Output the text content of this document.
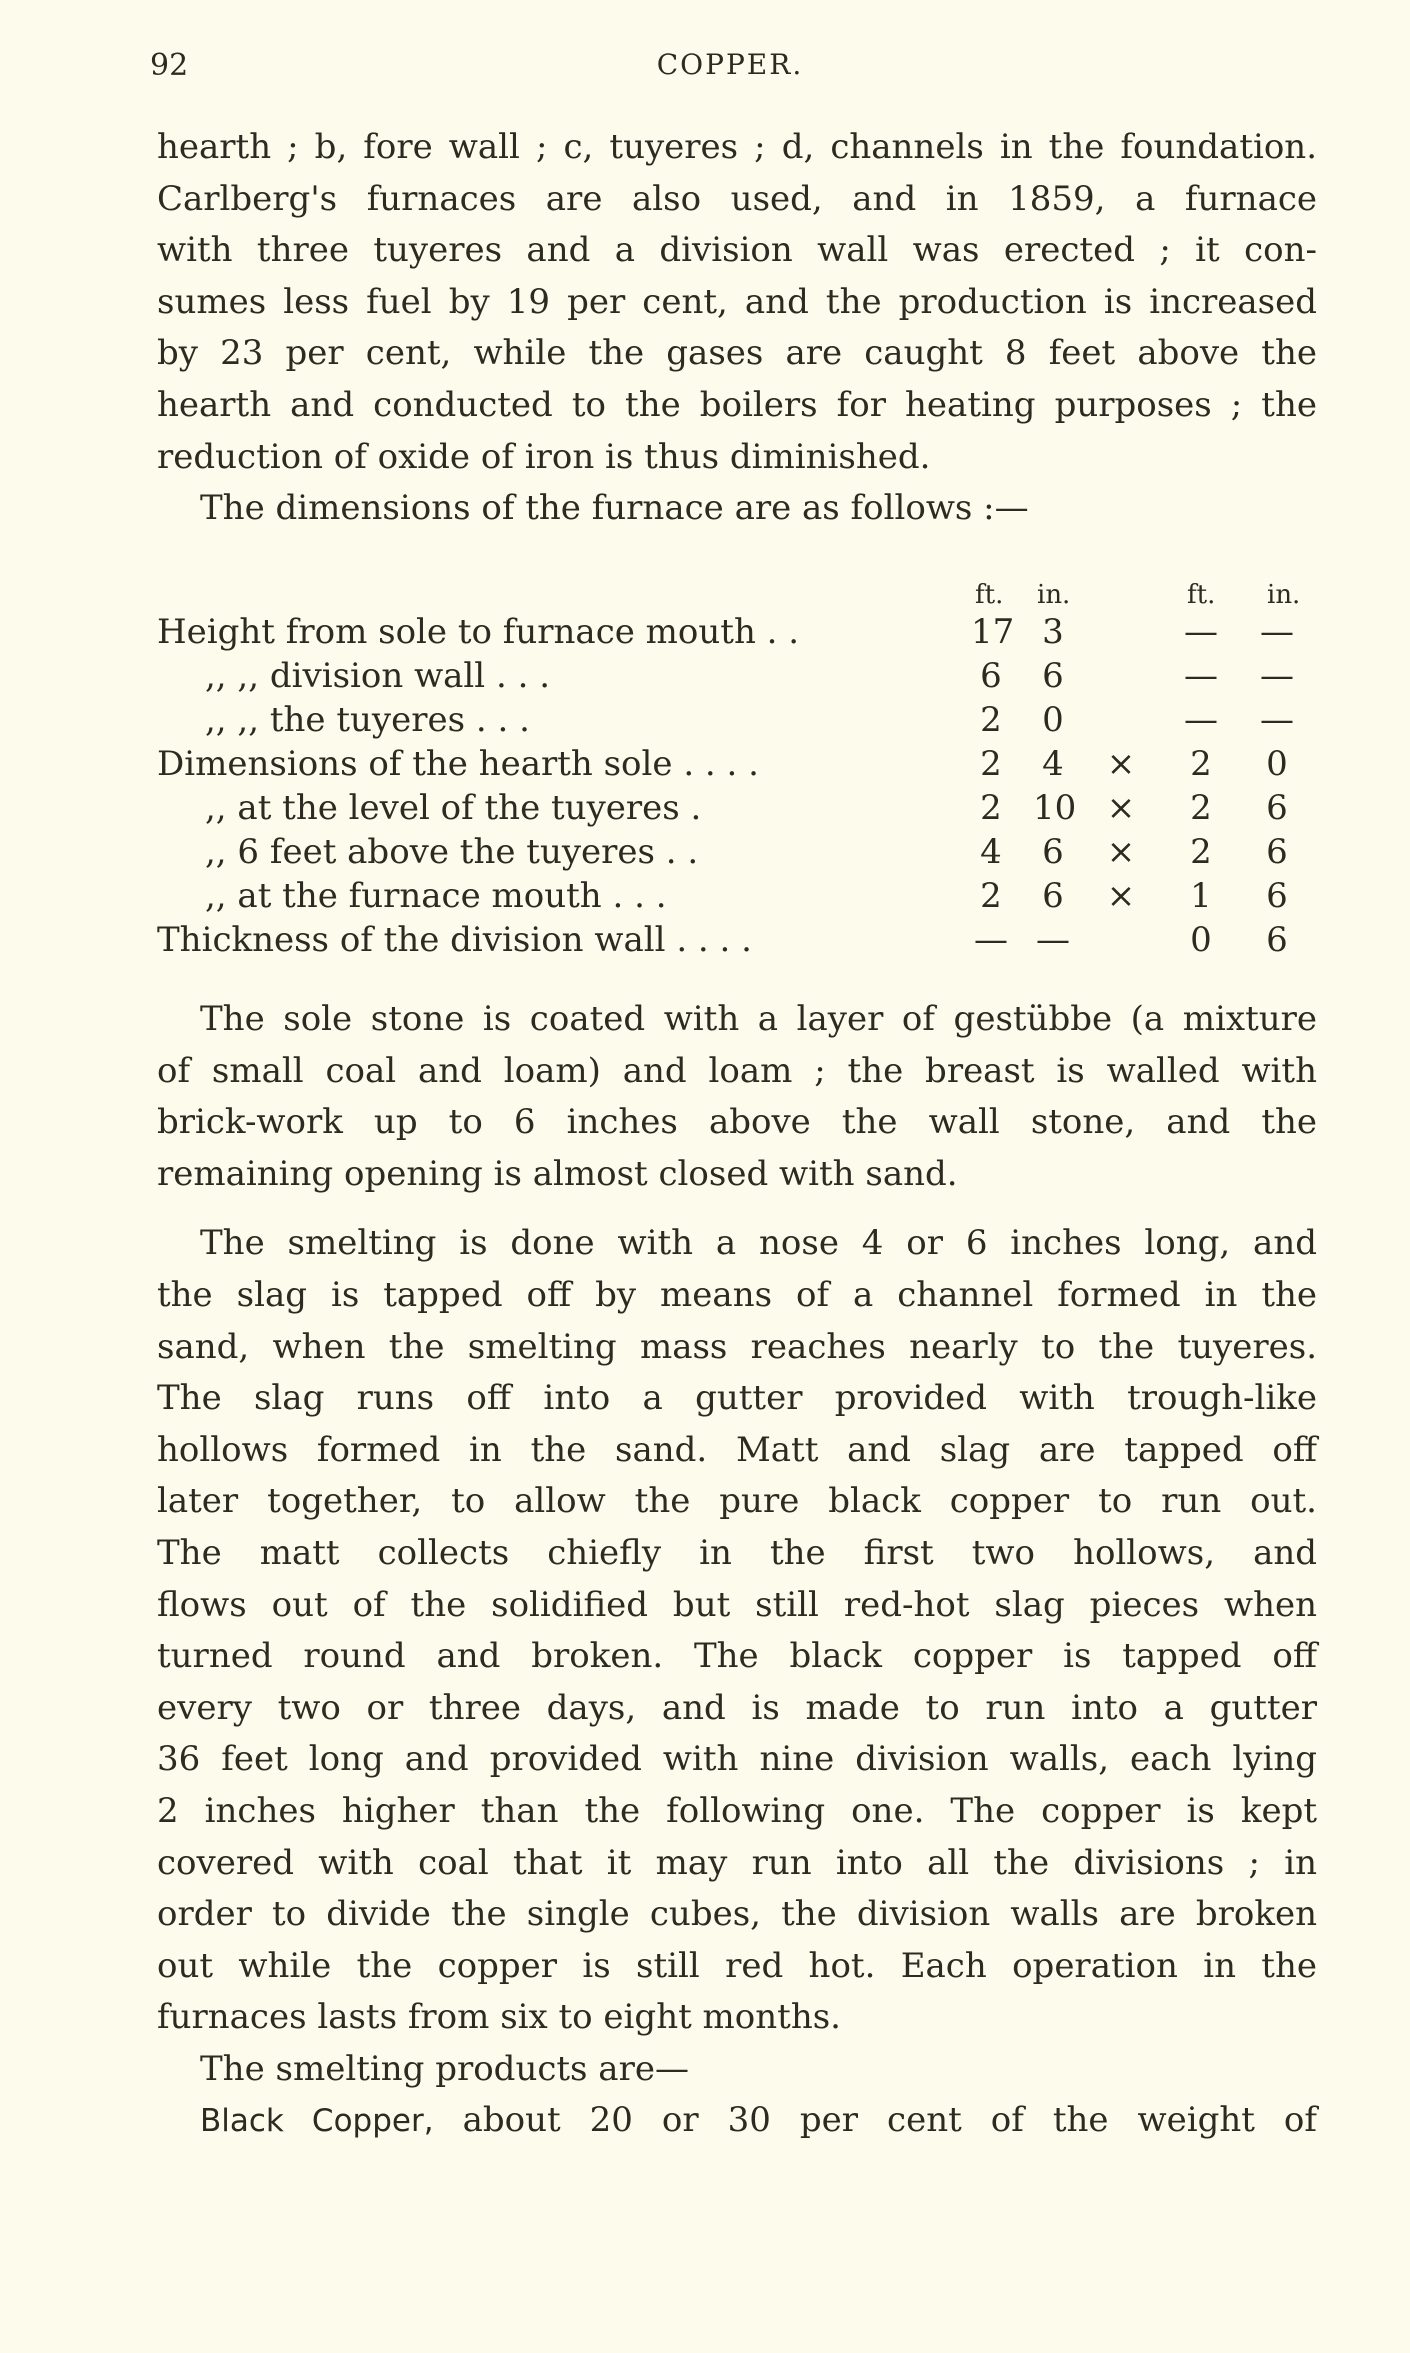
92	COPPER.
hearth ; b, fore wall ; c, tuyeres ; d, channels in the foundation.
Carlberg's furnaces are also used, and in 1859, a furnace
with three tuyeres and a division wall was erected ; it con-
sumes less fuel by 19 per cent, and the production is increased
by 23 per cent, while the gases are caught 8 feet above the
hearth and conducted to the boilers for heating purposes ; the
reduction of oxide of iron is thus diminished.
The dimensions of the furnace are as follows :—
ft. in.	ft. in.
Height from sole to furnace mouth . .	17 3	— —
,, ,, division wall . . .	6 6	— —
,, ,, the tuyeres . . .	2 0	— —
Dimensions of the hearth sole . . . .	2 4 × 2 0
,, at the level of the tuyeres .	2 10 × 2 6
,, 6 feet above the tuyeres . .	4 6 × 2 6
,, at the furnace mouth . . .	2 6 × 1 6
Thickness of the division wall . . . .	— —	0 6
The sole stone is coated with a layer of gestübbe (a mixture
of small coal and loam) and loam ; the breast is walled with
brick-work up to 6 inches above the wall stone, and the
remaining opening is almost closed with sand.
The smelting is done with a nose 4 or 6 inches long, and
the slag is tapped off by means of a channel formed in the
sand, when the smelting mass reaches nearly to the tuyeres.
The slag runs off into a gutter provided with trough-like
hollows formed in the sand. Matt and slag are tapped off
later together, to allow the pure black copper to run out.
The matt collects chiefly in the first two hollows, and
flows out of the solidified but still red-hot slag pieces when
turned round and broken. The black copper is tapped off
every two or three days, and is made to run into a gutter
36 feet long and provided with nine division walls, each lying
2 inches higher than the following one. The copper is kept
covered with coal that it may run into all the divisions ; in
order to divide the single cubes, the division walls are broken
out while the copper is still red hot. Each operation in the
furnaces lasts from six to eight months.
The smelting products are—
Black Copper, about 20 or 30 per cent of the weight of
